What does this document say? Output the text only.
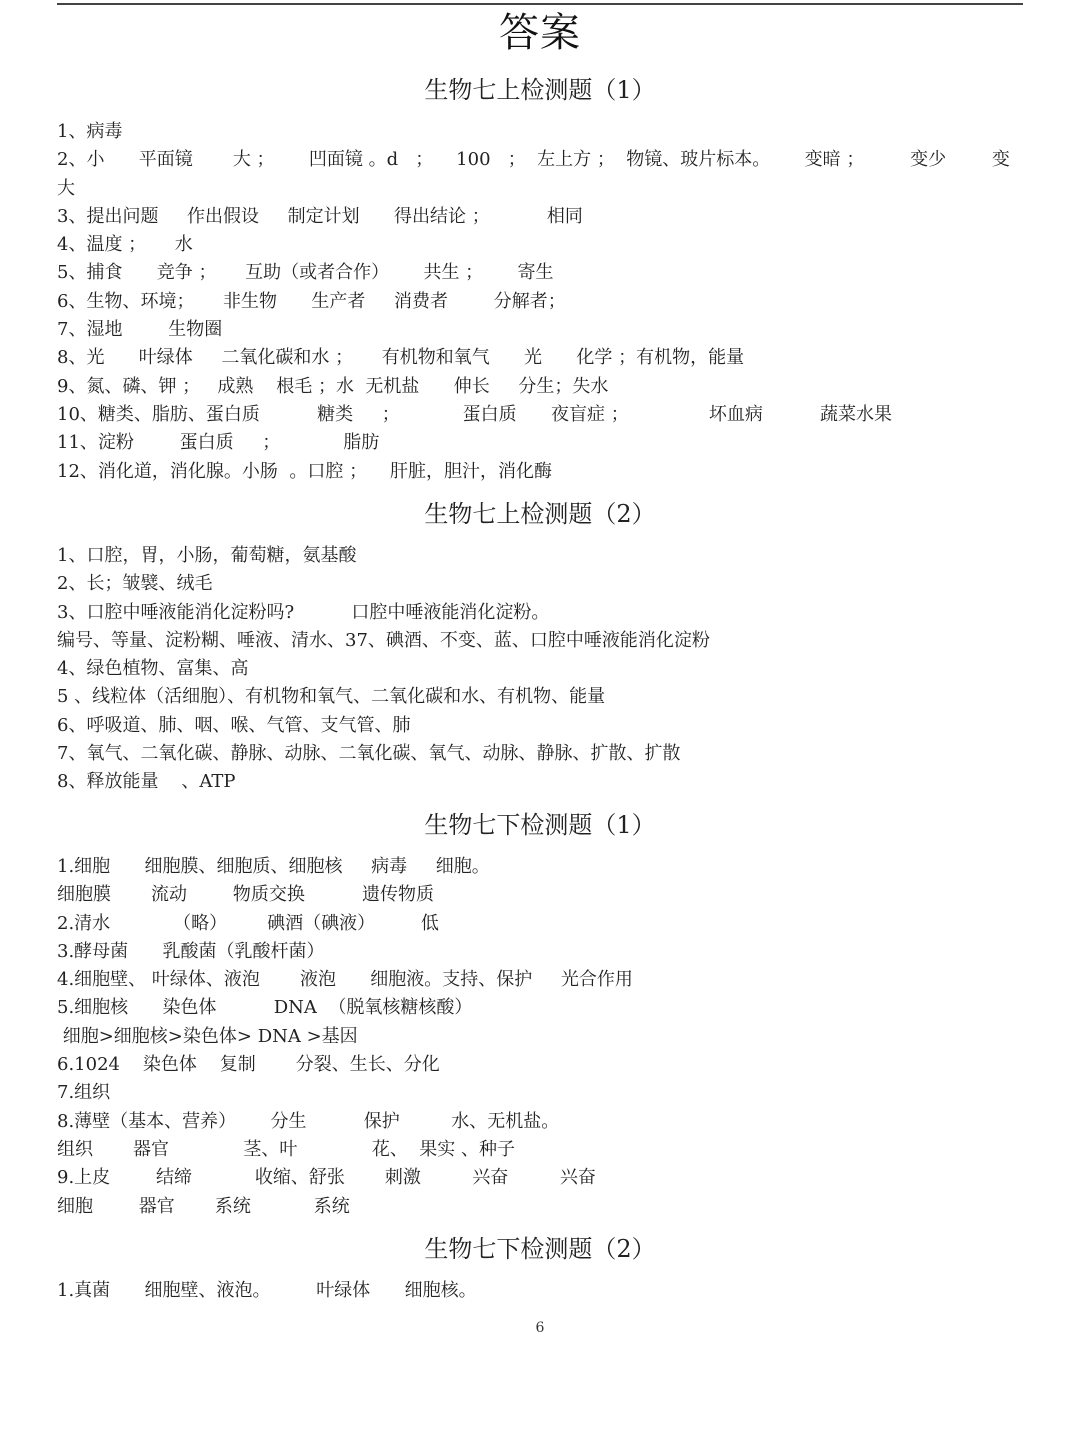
答案
生物七上检测题（1）
1、病毒
2、小      平面镜       大 ；      凹面镜 。d   ；    100   ；  左上方 ；  物镜、玻片标本。      变暗 ；        变少        变
大
3、提出问题     作出假设     制定计划      得出结论 ；          相同
4、温度 ；     水
5、捕食      竞争 ；     互助（或者合作）      共生 ；      寄生
6、生物、环境；     非生物      生产者     消费者        分解者；
7、湿地        生物圈
8、光      叶绿体     二氧化碳和水 ；     有机物和氧气      光      化学 ；有机物，能量
9、氮、磷、钾 ；   成熟    根毛 ；水  无机盐      伸长     分生；失水
10、糖类、脂肪、蛋白质          糖类     ；           蛋白质      夜盲症 ；              坏血病          蔬菜水果
11、淀粉        蛋白质     ；           脂肪
12、消化道，消化腺。小肠  。口腔 ；    肝脏，胆汁，消化酶
生物七上检测题（2）
1、口腔，胃，小肠，葡萄糖，氨基酸
2、长；皱襞、绒毛
3、口腔中唾液能消化淀粉吗?          口腔中唾液能消化淀粉。
编号、等量、淀粉糊、唾液、清水、37、碘酒、不变、蓝、口腔中唾液能消化淀粉
4、绿色植物、富集、高
5 、线粒体（活细胞）、有机物和氧气、二氧化碳和水、有机物、能量
6、呼吸道、肺、咽、喉、气管、支气管、肺
7、氧气、二氧化碳、静脉、动脉、二氧化碳、氧气、动脉、静脉、扩散、扩散
8、释放能量    、ATP
生物七下检测题（1）
1.细胞      细胞膜、细胞质、细胞核     病毒     细胞。
细胞膜       流动        物质交换          遗传物质
2.清水           （略）       碘酒（碘液）        低
3.酵母菌      乳酸菌（乳酸杆菌）
4.细胞壁、 叶绿体、液泡       液泡      细胞液。支持、保护     光合作用
5.细胞核      染色体          DNA  （脱氧核糖核酸）
细胞>细胞核>染色体> DNA >基因
6.1024    染色体    复制       分裂、生长、分化
7.组织
8.薄壁（基本、营养）      分生          保护         水、无机盐。
组织       器官             茎、叶             花、  果实 、种子
9.上皮        结缔           收缩、舒张       刺激         兴奋         兴奋
细胞        器官       系统           系统
生物七下检测题（2）
1.真菌      细胞壁、液泡。        叶绿体      细胞核。
6
